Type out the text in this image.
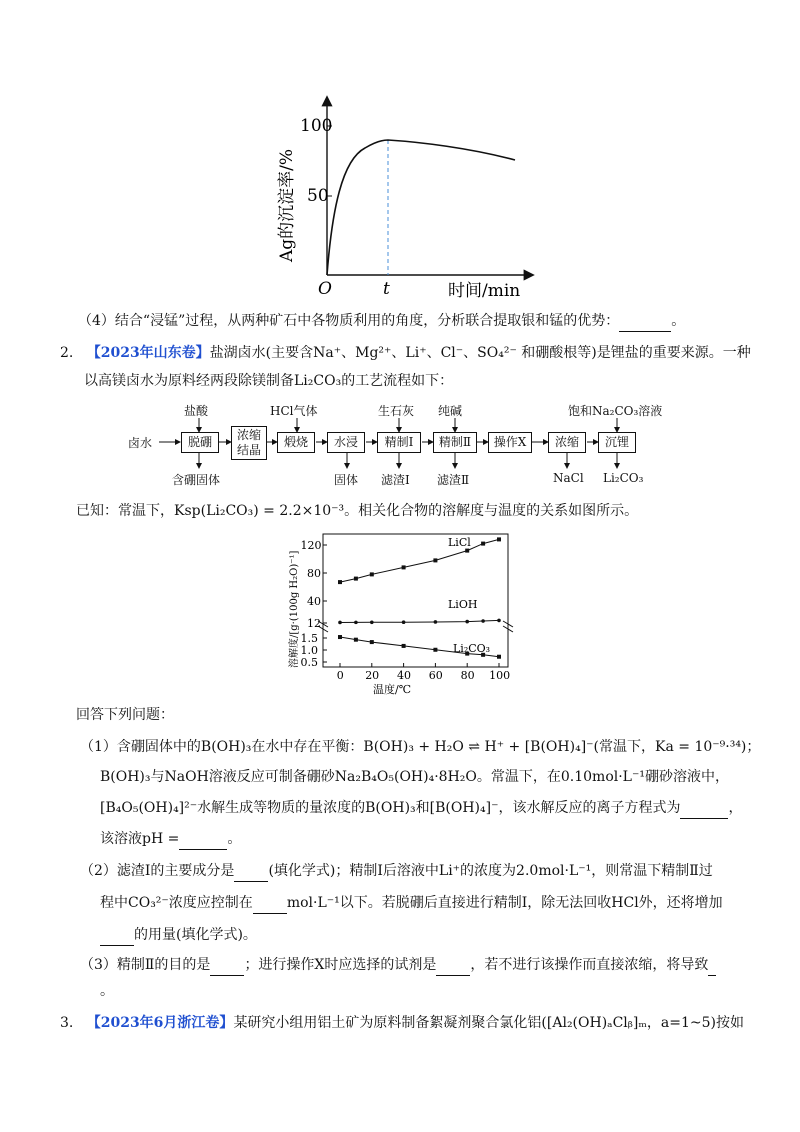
100
50
O	t	时间/min
Ag的沉淀率/%
（4）结合“浸锰”过程，从两种矿石中各物质利用的角度，分析联合提取银和锰的优势：	。
2. 【2023年山东卷】盐湖卤水(主要含Na⁺、Mg²⁺、Li⁺、Cl⁻、SO₄²⁻ 和硼酸根等)是锂盐的重要来源。一种
以高镁卤水为原料经两段除镁制备Li₂CO₃的工艺流程如下：
卤水	脱硼	浓缩结晶
煅烧	水浸	精制Ⅰ	精制Ⅱ	操作X	浓缩	沉锂
盐酸	HCl气体	生石灰 纯碱	饱和Na₂CO₃溶液
含硼固体	固体 滤渣Ⅰ 滤渣Ⅱ	NaCl Li₂CO₃
已知：常温下，Ksp(Li₂CO₃) = 2.2×10⁻³。相关化合物的溶解度与温度的关系如图所示。
0 20 40 60 80 100
120
80
40
12
1.5
1.0
0.5
温度/℃
溶解度/[g·(100g H₂O)⁻¹]
LiCl
LiOH
Li₂CO₃
回答下列问题：
（1）含硼固体中的B(OH)₃在水中存在平衡：B(OH)₃ + H₂O ⇌ H⁺ + [B(OH)₄]⁻(常温下，Ka = 10⁻⁹·³⁴)；
B(OH)₃与NaOH溶液反应可制备硼砂Na₂B₄O₅(OH)₄·8H₂O。常温下，在0.10mol·L⁻¹硼砂溶液中，
[B₄O₅(OH)₄]²⁻水解生成等物质的量浓度的B(OH)₃和[B(OH)₄]⁻，该水解反应的离子方程式为	，
该溶液pH =	。
（2）滤渣Ⅰ的主要成分是 (填化学式)；精制Ⅰ后溶液中Li⁺的浓度为2.0mol·L⁻¹，则常温下精制Ⅱ过
程中CO₃²⁻浓度应控制在 mol·L⁻¹以下。若脱硼后直接进行精制Ⅰ，除无法回收HCl外，还将增加
的用量(填化学式)。
（3）精制Ⅱ的目的是 ；进行操作X时应选择的试剂是 ，若不进行该操作而直接浓缩，将导致
。
3. 【2023年6月浙江卷】某研究小组用铝土矿为原料制备絮凝剂聚合氯化铝([Al₂(OH)ₐClᵦ]ₘ，a=1~5)按如
